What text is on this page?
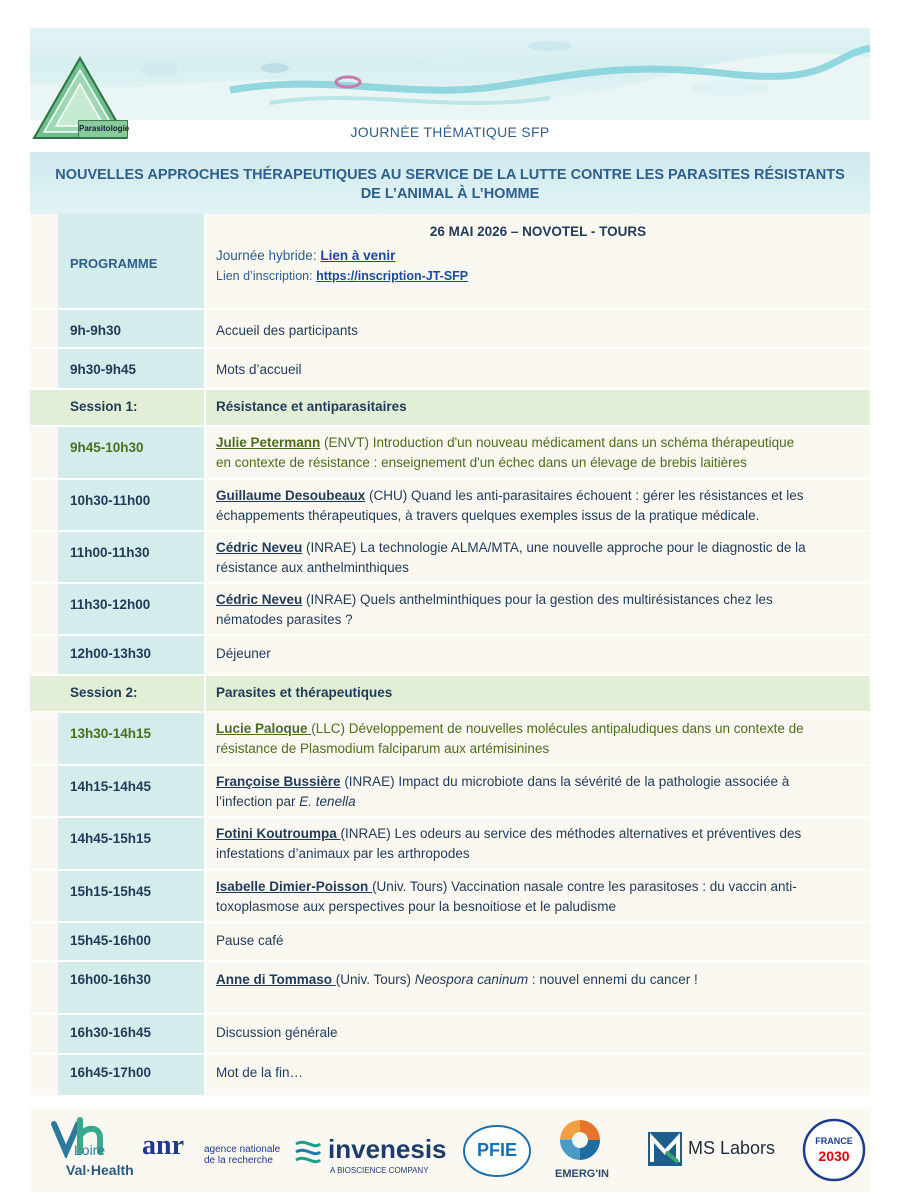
Parasitologie	JOURNÉE THÉMATIQUE SFP
NOUVELLES APPROCHES THÉRAPEUTIQUES AU SERVICE DE LA LUTTE CONTRE LES PARASITES RÉSISTANTS
DE L’ANIMAL À L’HOMME
PROGRAMME
26 MAI 2026 – NOVOTEL - TOURS
Journée hybride: Lien à venir
Lien d’inscription: https://inscription-JT-SFP
9h-9h30	Accueil des participants
9h30-9h45	Mots d’accueil
Session 1:	Résistance et antiparasitaires
9h45-10h30	Julie Petermann (ENVT) Introduction d'un nouveau médicament dans un schéma thérapeutique
en contexte de résistance : enseignement d'un échec dans un élevage de brebis laitières
10h30-11h00	Guillaume Desoubeaux (CHU) Quand les anti-parasitaires échouent : gérer les résistances et les
échappements thérapeutiques, à travers quelques exemples issus de la pratique médicale.
11h00-11h30	Cédric Neveu (INRAE) La technologie ALMA/MTA, une nouvelle approche pour le diagnostic de la
résistance aux anthelminthiques
11h30-12h00	Cédric Neveu (INRAE) Quels anthelminthiques pour la gestion des multirésistances chez les
nématodes parasites ?
12h00-13h30	Déjeuner
Session 2:	Parasites et thérapeutiques
13h30-14h15	Lucie Paloque (LLC) Développement de nouvelles molécules antipaludiques dans un contexte de
résistance de Plasmodium falciparum aux artémisinines
14h15-14h45	Françoise Bussière (INRAE) Impact du microbiote dans la sévérité de la pathologie associée à
l’infection par E. tenella
14h45-15h15	Fotini Koutroumpa (INRAE) Les odeurs au service des méthodes alternatives et préventives des
infestations d’animaux par les arthropodes
15h15-15h45	Isabelle Dimier-Poisson (Univ. Tours) Vaccination nasale contre les parasitoses : du vaccin anti-
toxoplasmose aux perspectives pour la besnoitiose et le paludisme
15h45-16h00	Pause café
16h00-16h30	Anne di Tommaso (Univ. Tours) Neospora caninum : nouvel ennemi du cancer !
16h30-16h45	Discussion générale
16h45-17h00	Mot de la fin…
Loire
Val·Health
anr agence nationale
de la recherche invenesis
A BIOSCIENCE COMPANY
PFIE
EMERG'IN
MS Labors	FRANCE
2030
